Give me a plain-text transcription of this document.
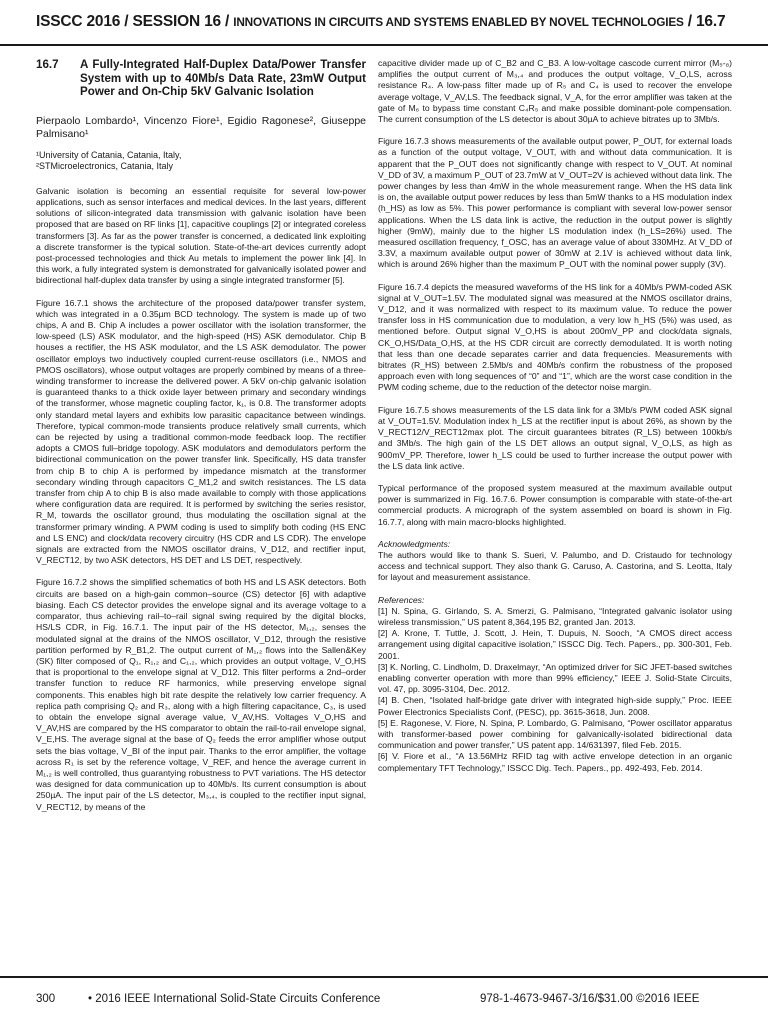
ISSCC 2016 / SESSION 16 / INNOVATIONS IN CIRCUITS AND SYSTEMS ENABLED BY NOVEL TECHNOLOGIES / 16.7
16.7	A Fully-Integrated Half-Duplex Data/Power Transfer System with up to 40Mb/s Data Rate, 23mW Output Power and On-Chip 5kV Galvanic Isolation
Pierpaolo Lombardo¹, Vincenzo Fiore¹, Egidio Ragonese², Giuseppe Palmisano¹
¹University of Catania, Catania, Italy,
²STMicroelectronics, Catania, Italy

Galvanic isolation is becoming an essential requisite for several low-power applications, such as sensor interfaces and medical devices. In the last years, different solutions of silicon-integrated data transmission with galvanic isolation have been proposed that are based on RF links [1], capacitive couplings [2] or integrated coreless transformers [3]. As far as the power transfer is concerned, a dedicated link exploiting a discrete transformer is the typical solution. State-of-the-art devices currently adopt post-processed technologies and thick Au metals to implement the power link [4]. In this work, a fully integrated system is demonstrated for galvanically isolated power and bidirectional half-duplex data transfer by using a single integrated transformer [5].

Figure 16.7.1 shows the architecture of the proposed data/power transfer system, which was integrated in a 0.35µm BCD technology. The system is made up of two chips, A and B. Chip A includes a power oscillator with the isolation transformer, the low-speed (LS) ASK modulator, and the high-speed (HS) ASK demodulator. Chip B houses a rectifier, the HS ASK modulator, and the LS ASK demodulator. The power oscillator employs two inductively coupled current-reuse oscillators (i.e., NMOS and PMOS oscillators), whose output voltages are properly combined by means of a three-winding transformer to increase the delivered power. A 5kV on-chip galvanic isolation is guaranteed thanks to a thick oxide layer between primary and secondary windings of the transformer, whose magnetic coupling factor, k₁, is 0.8. The transformer adopts only standard metal layers and exhibits low parasitic capacitance between windings. Therefore, typical common-mode transients produce relatively small currents, which can be rejected by using a traditional common-mode feedback loop. The rectifier adopts a CMOS full–bridge topology. ASK modulators and demodulators perform the bidirectional communication on the power transfer link. Specifically, HS data transfer from chip B to chip A is performed by impedance mismatch at the transformer secondary winding through capacitors C_M1,2 and switch resistances. The LS data transfer from chip A to chip B is also made available to comply with those applications where configuration data are required. It is performed by switching the series resistor, R_M, towards the oscillator ground, thus modulating the oscillation signal at the transformer primary winding. A PWM coding is used to simplify both coding (HS ENC and LS ENC) and clock/data recovery circuitry (HS CDR and LS CDR). The envelope signals are extracted from the NMOS oscillator drains, V_D12, and rectifier input, V_RECT12, by two ASK detectors, HS DET and LS DET, respectively.

Figure 16.7.2 shows the simplified schematics of both HS and LS ASK detectors. Both circuits are based on a high-gain common–source (CS) detector [6] with adaptive biasing. Each CS detector provides the envelope signal and its average voltage to a comparator, thus achieving rail–to–rail signal swing required by the digital blocks, HS/LS CDR, in Fig. 16.7.1. The input pair of the HS detector, M₁,₂, senses the modulated signal at the drains of the NMOS oscillator, V_D12, through the resistive partition performed by R_B1,2. The output current of M₁,₂ flows into the Sallen&Key (SK) filter composed of Q₁, R₁,₂ and C₁,₂, which provides an output voltage, V_O,HS that is proportional to the envelope signal at V_D12. This filter performs a 2nd–order transfer function to reduce RF harmonics, while preserving envelope signal components. This enables high bit rate despite the relatively low carrier frequency. A replica path comprising Q₂ and R₃, along with a high filtering capacitance, C₃, is used to obtain the envelope signal average value, V_AV,HS. Voltages V_O,HS and V_AV,HS are compared by the HS comparator to obtain the rail-to-rail envelope signal, V_E,HS. The average signal at the base of Q₂ feeds the error amplifier whose output sets the bias voltage, V_BI of the input pair. Thanks to the error amplifier, the voltage across R₁ is set by the reference voltage, V_REF, and hence the average current in M₁,₂ is well controlled, thus guarantying robustness to PVT variations. The HS detector was designed for data communication up to 40Mb/s. Its current consumption is about 250µA. The input pair of the LS detector, M₃,₄, is coupled to the rectifier input signal, V_RECT12, by means of the

capacitive divider made up of C_B2 and C_B3. A low-voltage cascode current mirror (M₅-₈) amplifies the output current of M₃,₄ and produces the output voltage, V_O,LS, across resistance R₄. A low-pass filter made up of R₅ and C₄ is used to recover the envelope average voltage, V_AV,LS. The feedback signal, V_A, for the error amplifier was taken at the gate of M₆ to bypass time constant C₄R₅ and make possible dominant-pole compensation. The current consumption of the LS detector is about 30µA to achieve bitrates up to 3Mb/s.

Figure 16.7.3 shows measurements of the available output power, P_OUT, for external loads as a function of the output voltage, V_OUT, with and without data communication. It is apparent that the P_OUT does not significantly change with respect to V_OUT. At nominal V_DD of 3V, a maximum P_OUT of 23.7mW at V_OUT=2V is achieved without data link. The power changes by less than 4mW in the whole measurement range. When the HS data link is on, the available output power reduces by less than 5mW thanks to a HS modulation index (h_HS) as low as 5%. This power performance is compliant with several low-power sensor applications. When the LS data link is active, the reduction in the output power is slightly higher (9mW), mainly due to the higher LS modulation index (h_LS=26%) used. The measured oscillation frequency, f_OSC, has an average value of about 330MHz. At V_DD of 3.3V, a maximum available output power of 30mW at 2.1V is achieved without data link, which is around 26% higher than the maximum P_OUT with the nominal power supply (3V).

Figure 16.7.4 depicts the measured waveforms of the HS link for a 40Mb/s PWM-coded ASK signal at V_OUT=1.5V. The modulated signal was measured at the NMOS oscillator drains, V_D12, and it was normalized with respect to its maximum value. To reduce the power transfer loss in HS communication due to modulation, a very low h_HS (5%) was used, as mentioned before. Output signal V_O,HS is about 200mV_PP and clock/data signals, CK_O,HS/Data_O,HS, at the HS CDR circuit are correctly demodulated. It is worth noting that less than one decade separates carrier and data frequencies. Measurements with bitrates (R_HS) between 2.5Mb/s and 40Mb/s confirm the robustness of the proposed approach even with long sequences of “0” and “1”, which are the worst case condition in the PWM coding scheme, due to the reduction of the detector noise margin.

Figure 16.7.5 shows measurements of the LS data link for a 3Mb/s PWM coded ASK signal at V_OUT=1.5V. Modulation index h_LS at the rectifier input is about 26%, as shown by the V_RECT12/V_RECT12max plot. The circuit guarantees bitrates (R_LS) between 100kb/s and 3Mb/s. The high gain of the LS DET allows an output signal, V_O,LS, as high as 900mV_PP. Therefore, lower h_LS could be used to further increase the output power with the LS data link active.

Typical performance of the proposed system measured at the maximum available output power is summarized in Fig. 16.7.6. Power consumption is comparable with state-of-the-art commercial products. A micrograph of the system assembled on board is shown in Fig. 16.7.7, along with main macro-blocks highlighted.

Acknowledgments:

The authors would like to thank S. Sueri, V. Palumbo, and D. Cristaudo for technology access and technical support. They also thank G. Caruso, A. Castorina, and S. Leotta, Italy for layout and measurement assistance.

References:

[1] N. Spina, G. Girlando, S. A. Smerzi, G. Palmisano, “Integrated galvanic isolator using wireless transmission,” US patent 8,364,195 B2, granted Jan. 2013.

[2] A. Krone, T. Tuttle, J. Scott, J. Hein, T. Dupuis, N. Sooch, “A CMOS direct access arrangement using digital capacitive isolation,” ISSCC Dig. Tech. Papers., pp. 300-301, Feb. 2001.

[3] K. Norling, C. Lindholm, D. Draxelmayr, “An optimized driver for SiC JFET-based switches enabling converter operation with more than 99% efficiency,” IEEE J. Solid-State Circuits, vol. 47, pp. 3095-3104, Dec. 2012.

[4] B. Chen, “Isolated half-bridge gate driver with integrated high-side supply,” Proc. IEEE Power Electronics Specialists Conf, (PESC), pp. 3615-3618, Jun. 2008.

[5] E. Ragonese, V. Fiore, N. Spina, P. Lombardo, G. Palmisano, “Power oscillator apparatus with transformer-based power combining for galvanically-isolated bidirectional data communication and power transfer,” US patent app. 14/631397, filed Feb. 2015.

[6] V. Fiore et al., “A 13.56MHz RFID tag with active envelope detection in an organic complementary TFT Technology,” ISSCC Dig. Tech. Papers., pp. 492-493, Feb. 2014.

300	• 2016 IEEE International Solid-State Circuits Conference	978-1-4673-9467-3/16/$31.00 ©2016 IEEE
